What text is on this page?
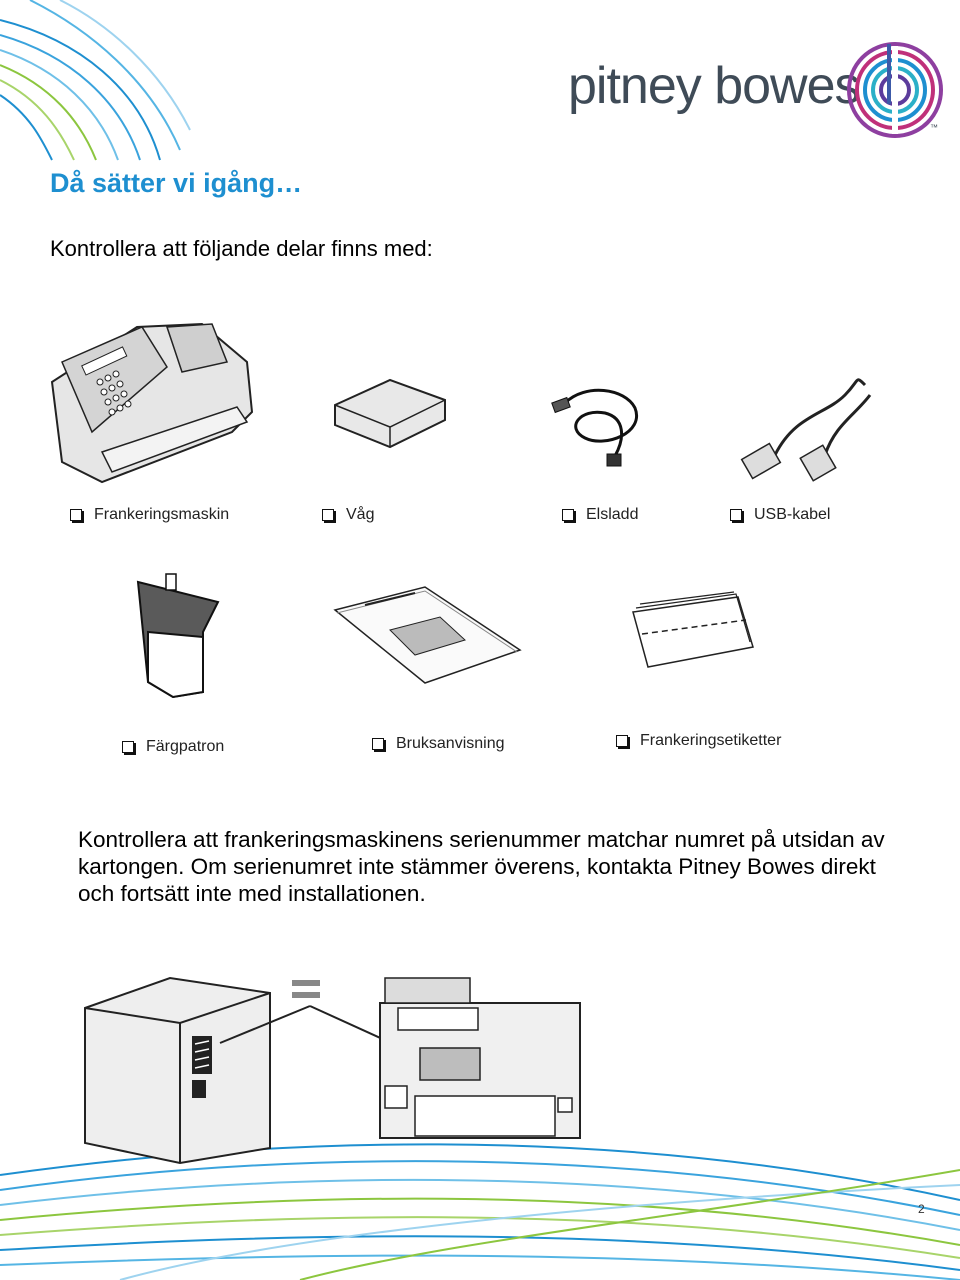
pitney bowes
™
Då sätter vi igång…
Kontrollera att följande delar finns med:
Frankeringsmaskin	Våg	Elsladd	USB-kabel
Färgpatron	Bruksanvisning	Frankeringsetiketter
Kontrollera att frankeringsmaskinens serienummer matchar numret på utsidan av kartongen. Om serienumret inte stämmer överens, kontakta Pitney Bowes direkt och fortsätt inte med installationen.
2
